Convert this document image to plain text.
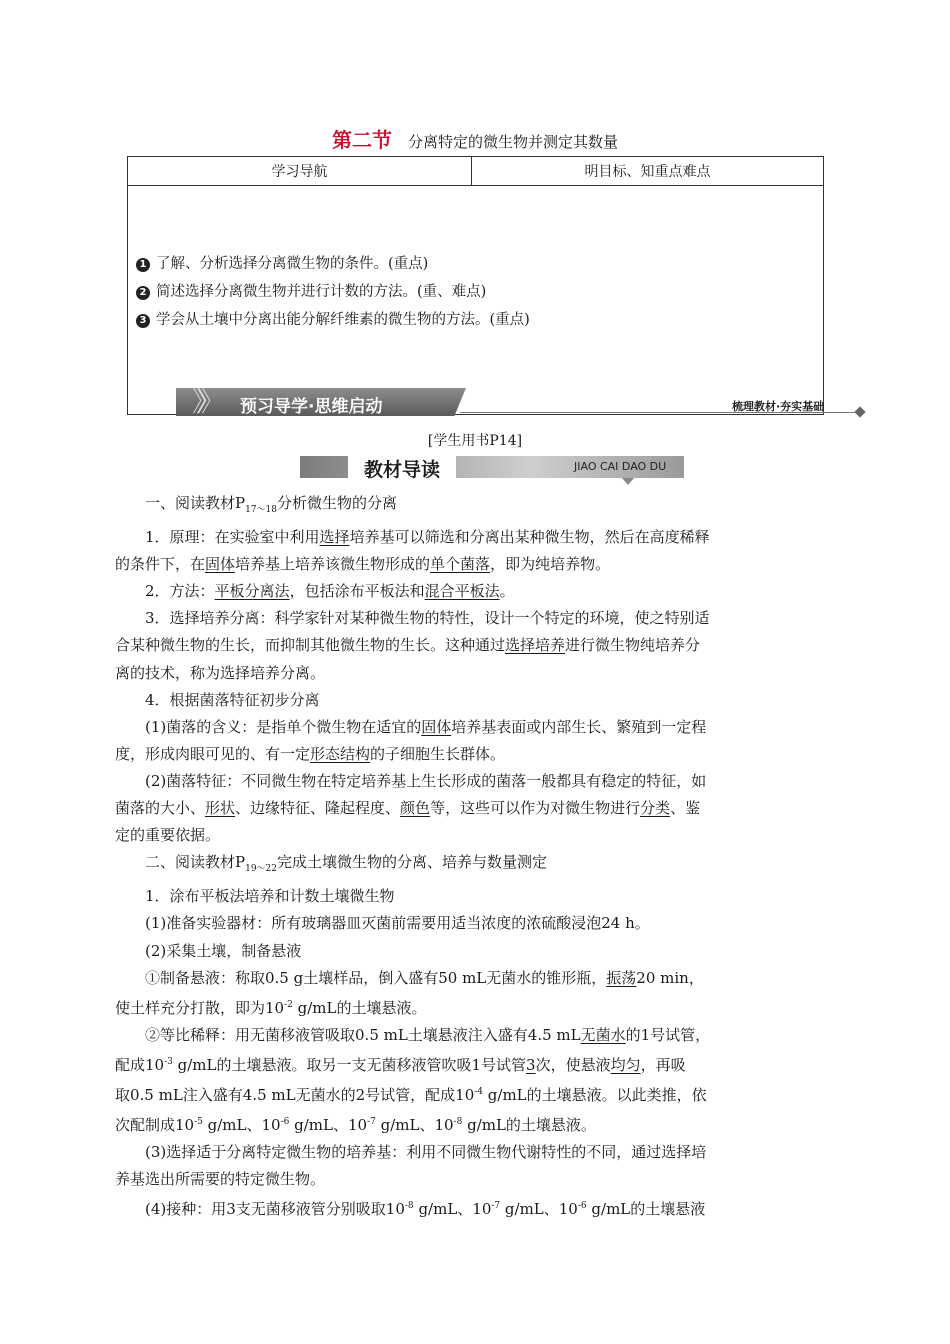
第二节 分离特定的微生物并测定其数量
学习导航	明目标、知重点难点

1 了解、分析选择分离微生物的条件。(重点)
2 简述选择分离微生物并进行计数的方法。(重、难点)
3 学会从土壤中分离出能分解纤维素的微生物的方法。(重点)
》》 预习导学·思维启动	梳理教材·夯实基础
[学生用书P14]
教材导读	JIAO CAI DAO DU

一、阅读教材$P_{17\sim 18}$分析微生物的分离

1．原理：在实验室中利用选择培养基可以筛选和分离出某种微生物，然后在高度稀释

的条件下，在固体培养基上培养该微生物形成的单个菌落，即为纯培养物。

2．方法：平板分离法，包括涂布平板法和混合平板法。

3．选择培养分离：科学家针对某种微生物的特性，设计一个特定的环境，使之特别适

合某种微生物的生长，而抑制其他微生物的生长。这种通过选择培养进行微生物纯培养分

离的技术，称为选择培养分离。

4．根据菌落特征初步分离

(1)菌落的含义：是指单个微生物在适宜的固体培养基表面或内部生长、繁殖到一定程

度，形成肉眼可见的、有一定形态结构的子细胞生长群体。

(2)菌落特征：不同微生物在特定培养基上生长形成的菌落一般都具有稳定的特征，如

菌落的大小、形状、边缘特征、隆起程度、颜色等，这些可以作为对微生物进行分类、鉴

定的重要依据。

二、阅读教材$P_{19\sim 22}$完成土壤微生物的分离、培养与数量测定

1．涂布平板法培养和计数土壤微生物

(1)准备实验器材：所有玻璃器皿灭菌前需要用适当浓度的浓硫酸浸泡24 h。

(2)采集土壤，制备悬液

①制备悬液：称取0.5 g土壤样品，倒入盛有50 mL无菌水的锥形瓶，振荡20 min，

使土样充分打散，即为$10^{-2}$ g/mL的土壤悬液。

②等比稀释：用无菌移液管吸取0.5 mL土壤悬液注入盛有4.5 mL无菌水的1号试管，

配成$10^{-3}$ g/mL的土壤悬液。取另一支无菌移液管吹吸1号试管3次，使悬液均匀，再吸

取0.5 mL注入盛有4.5 mL无菌水的2号试管，配成$10^{-4}$ g/mL的土壤悬液。以此类推，依

次配制成$10^{-5}$ g/mL、$10^{-6}$ g/mL、$10^{-7}$ g/mL、$10^{-8}$ g/mL的土壤悬液。

(3)选择适于分离特定微生物的培养基：利用不同微生物代谢特性的不同，通过选择培

养基选出所需要的特定微生物。

(4)接种：用3支无菌移液管分别吸取$10^{-8}$ g/mL、$10^{-7}$ g/mL、$10^{-6}$ g/mL的土壤悬液
